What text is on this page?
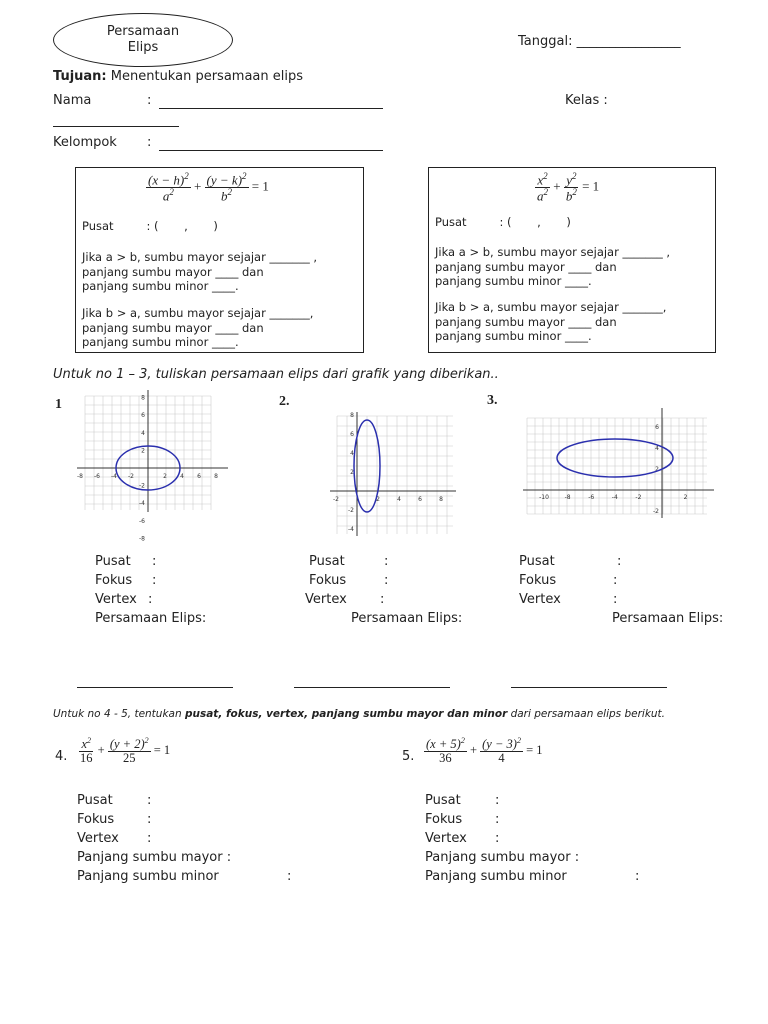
Persamaan
Elips	Tanggal: ________________
Tujuan: Menentukan persamaan elips
Nama	:	Kelas :
Kelompok :
$\frac{(x - h)^2}{a^2} + \frac{(y - k)^2}{b^2} = 1$
Pusat         : (       ,       )
Jika a > b, sumbu mayor sejajar _______ ,
panjang sumbu mayor ____ dan
panjang sumbu minor ____.
Jika b > a, sumbu mayor sejajar _______,
panjang sumbu mayor ____ dan
panjang sumbu minor ____.
$\frac{x^2}{a^2} + \frac{y^2}{b^2} = 1$
Pusat         : (       ,       )
Jika a > b, sumbu mayor sejajar _______ ,
panjang sumbu mayor ____ dan
panjang sumbu minor ____.
Jika b > a, sumbu mayor sejajar _______,
panjang sumbu mayor ____ dan
panjang sumbu minor ____.
Untuk no 1 – 3, tuliskan persamaan elips dari grafik yang diberikan..
1	2.	3.
-8 -6 -4 -2	2 4 6 8
8
6
4
2
-2
-4
-6
-8
-2	2	4	6	8
8
6
4
2
-2
-4
-10	-8	-6	-4	-2	2
6
4
2
-2
Pusat :
Fokus :
Vertex :
Persamaan Elips:
Pusat	:
Fokus	:
Vertex	:
Persamaan Elips:
Pusat	:
Fokus	:
Vertex	:
Persamaan Elips:
Untuk no 4 - 5, tentukan pusat, fokus, vertex, panjang sumbu mayor dan minor dari persamaan elips berikut.
4. $\frac{x^2}{16} + \frac{(y + 2)^2}{25} = 1$	5. $\frac{(x + 5)^2}{36} + \frac{(y - 3)^2}{4} = 1$
Pusat	:
Fokus	:
Vertex :
Panjang sumbu mayor :
Panjang sumbu minor	:
Pusat	:
Fokus	:
Vertex :
Panjang sumbu mayor :
Panjang sumbu minor	:
